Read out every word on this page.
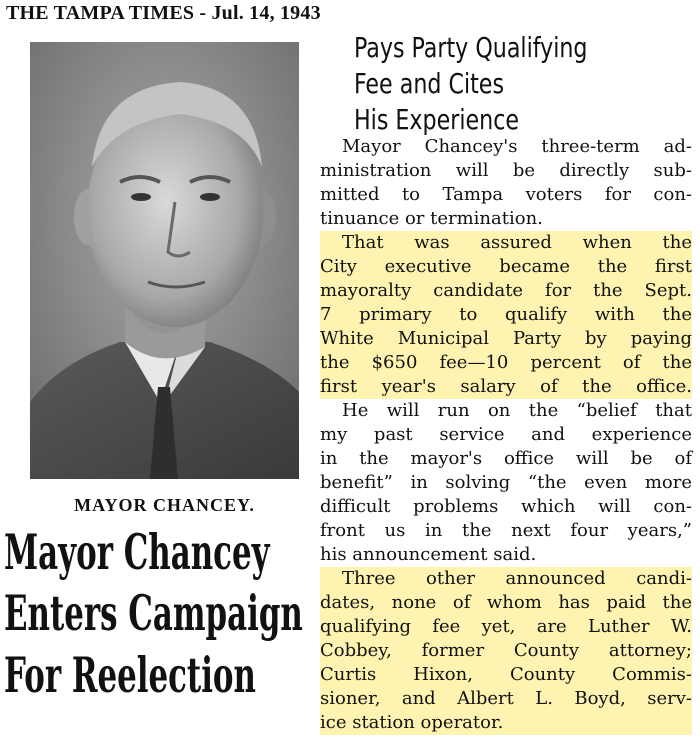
THE TAMPA TIMES - Jul. 14, 1943
MAYOR CHANCEY.
Mayor Chancey
Enters Campaign
For Reelection
Pays Party Qualifying
Fee and Cites
His Experience
Mayor Chancey's three-term ad-
ministration will be directly sub-
mitted to Tampa voters for con-
tinuance or termination.
That was assured when the
City executive became the first
mayoralty candidate for the Sept.
7 primary to qualify with the
White Municipal Party by paying
the $650 fee—10 percent of the
first year's salary of the office.
He will run on the “belief that
my past service and experience
in the mayor's office will be of
benefit” in solving “the even more
difficult problems which will con-
front us in the next four years,”
his announcement said.
Three other announced candi-
dates, none of whom has paid the
qualifying fee yet, are Luther W.
Cobbey, former County attorney;
Curtis Hixon, County Commis-
sioner, and Albert L. Boyd, serv-
ice station operator.
